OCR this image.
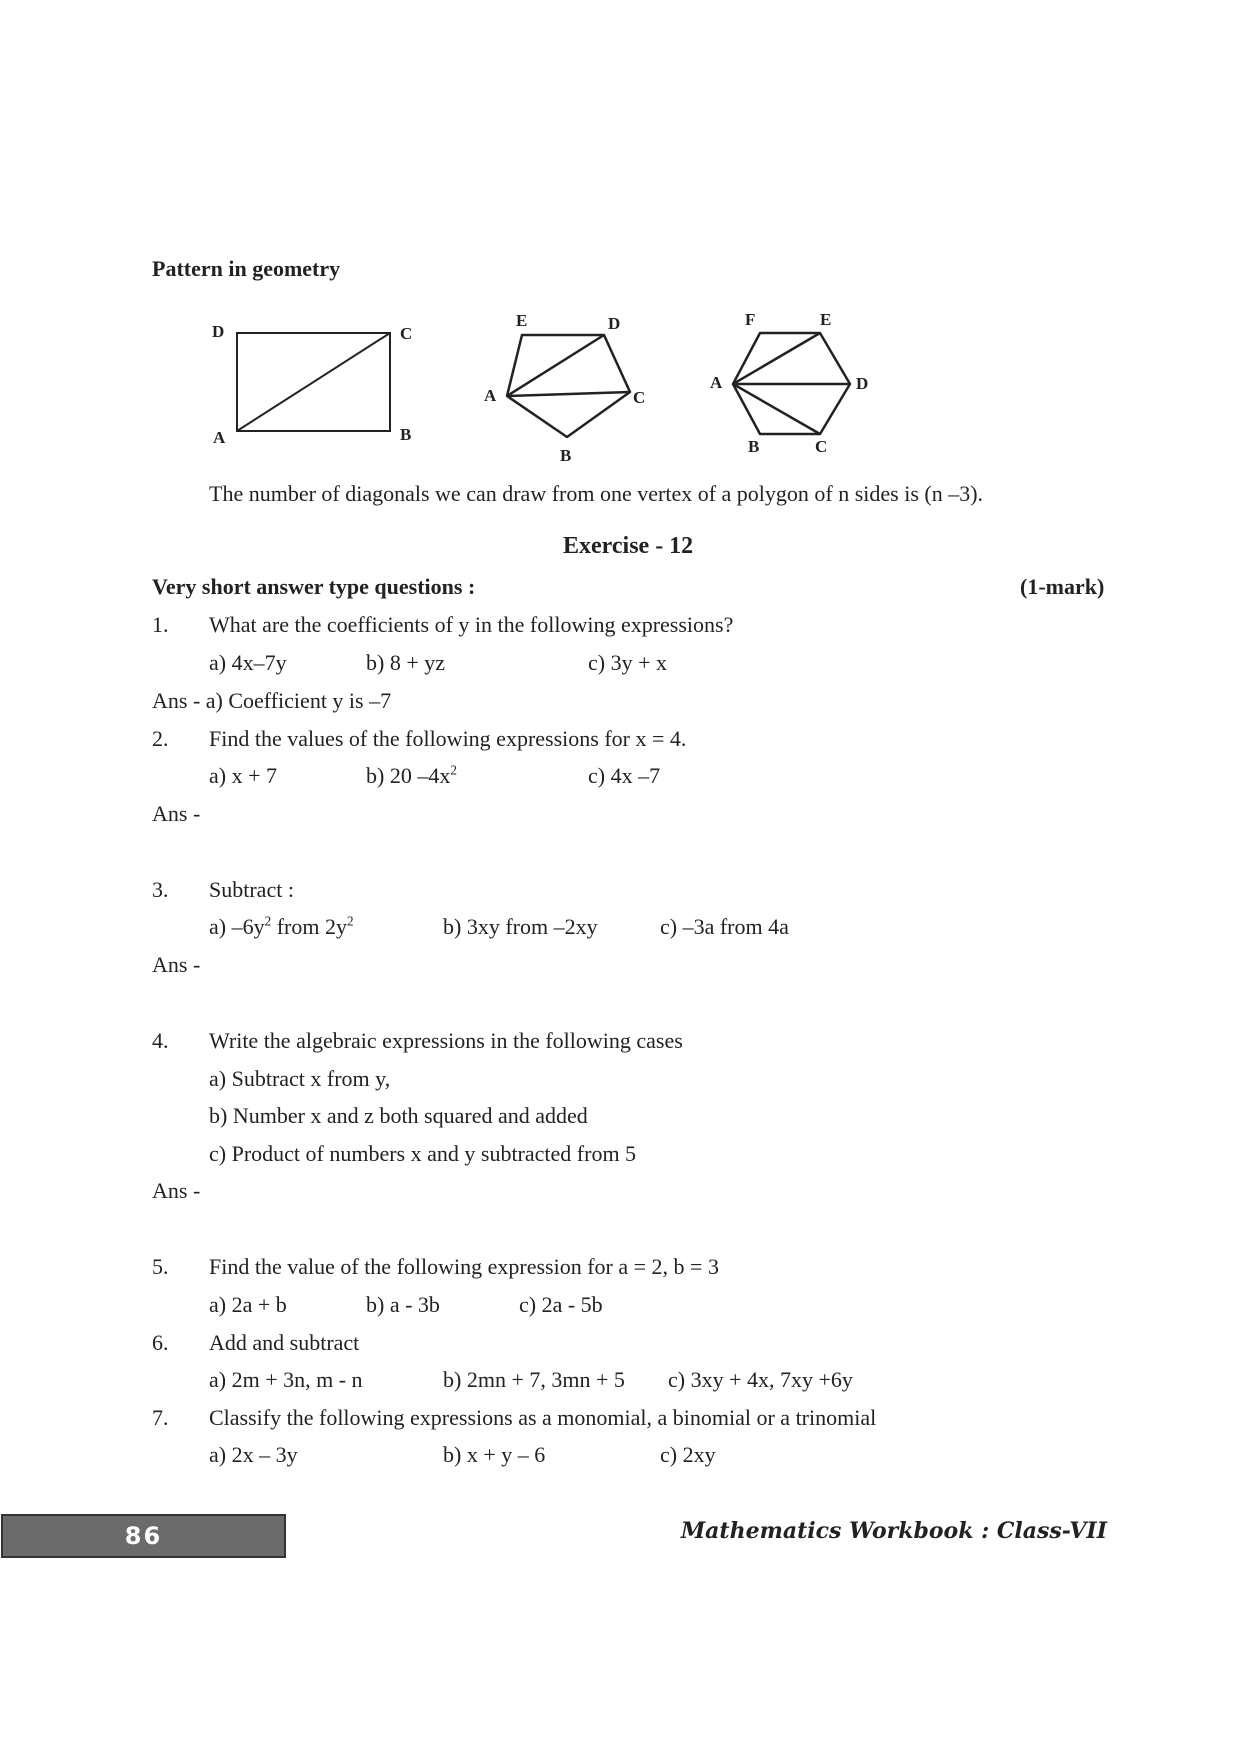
Pattern in geometry
D	C
A	B
E	D
A	C
B
F	E
A	D
B	C
The number of diagonals we can draw from one vertex of a polygon of n sides is (n –3).
Exercise - 12
Very short answer type questions :	(1-mark)
1. What are the coefficients of y in the following expressions?
a) 4x–7y	b) 8 + yz	c) 3y + x
Ans - a) Coefficient y is –7
2. Find the values of the following expressions for x = 4.
a) x + 7	b) 20 $-4x^2$	c) 4x –7
Ans -
3. Subtract :
a) $-6y^2$ from $2y^2$	b) 3xy from –2xy	c) –3a from 4a
Ans -
4. Write the algebraic expressions in the following cases
a) Subtract x from y,
b) Number x and z both squared and added
c) Product of numbers x and y subtracted from 5
Ans -
5. Find the value of the following expression for a = 2, b = 3
a) 2a + b	b) a - 3b	c) 2a - 5b
6. Add and subtract
a) 2m + 3n, m - n	b) 2mn + 7, 3mn + 5 c) 3xy + 4x, 7xy +6y
7. Classify the following expressions as a monomial, a binomial or a trinomial
a) 2x – 3y	b) x + y – 6	c) 2xy
86	Mathematics Workbook : Class-VII
